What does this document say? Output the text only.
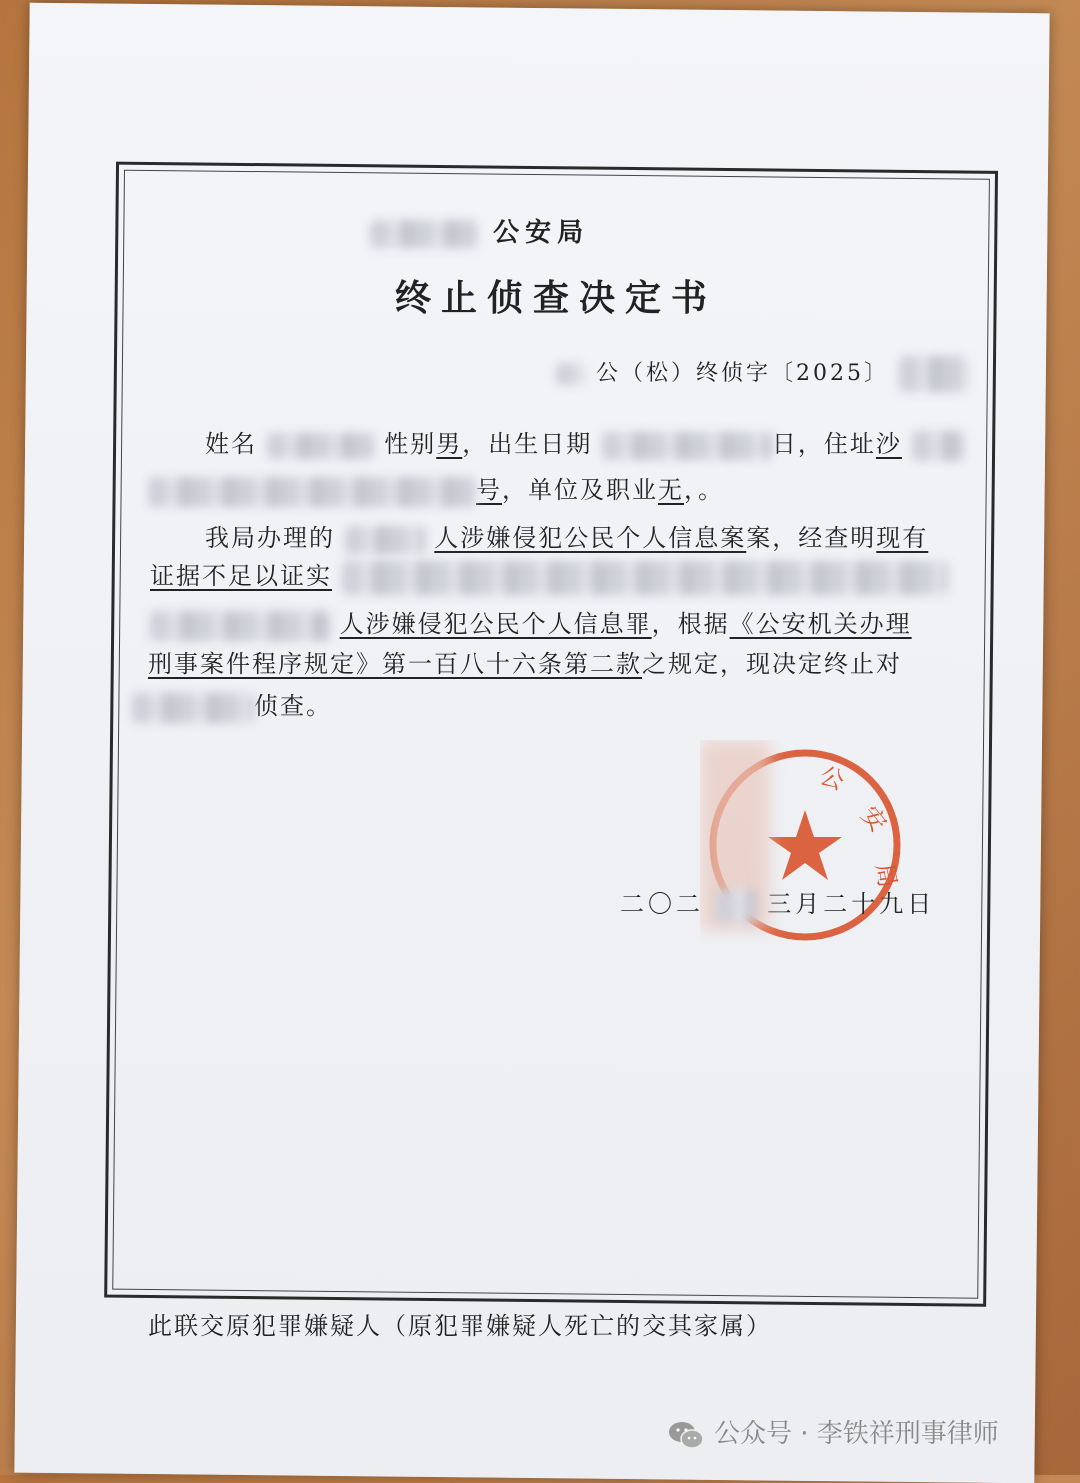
公安局
终止侦查决定书
公（松）终侦字〔2025〕
姓名	性别男，出生日期	日，住址沙
号，单位及职业无，。
我局办理的	人涉嫌侵犯公民个人信息案案，经查明现有
证据不足以证实
人涉嫌侵犯公民个人信息罪，根据《公安机关办理
刑事案件程序规定》第一百八十六条第二款之规定，现决定终止对
侦查。
公
安
局
二〇二	三月二十九日
此联交原犯罪嫌疑人（原犯罪嫌疑人死亡的交其家属）
公众号 · 李铁祥刑事律师
